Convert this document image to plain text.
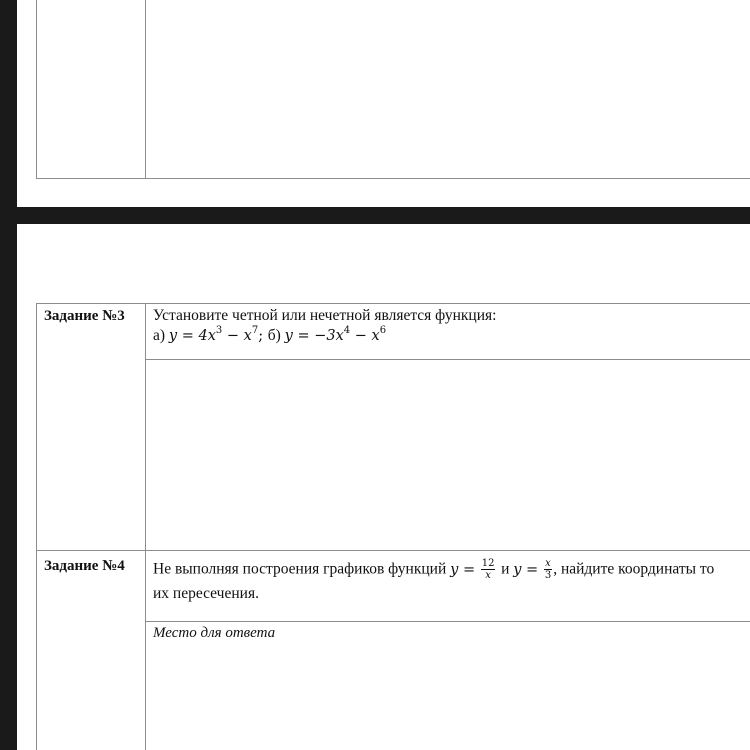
Задание №3 Установите четной или нечетной является функция:
а) $y = 4x^3 - x^7$; б) $y = -3x^4 - x^6$
Задание №4 Не выполняя построения графиков функций $y = \frac{12}{x}$ и $y = \frac{x}{3}$ , найдите координаты то
их пересечения.
Место для ответа
